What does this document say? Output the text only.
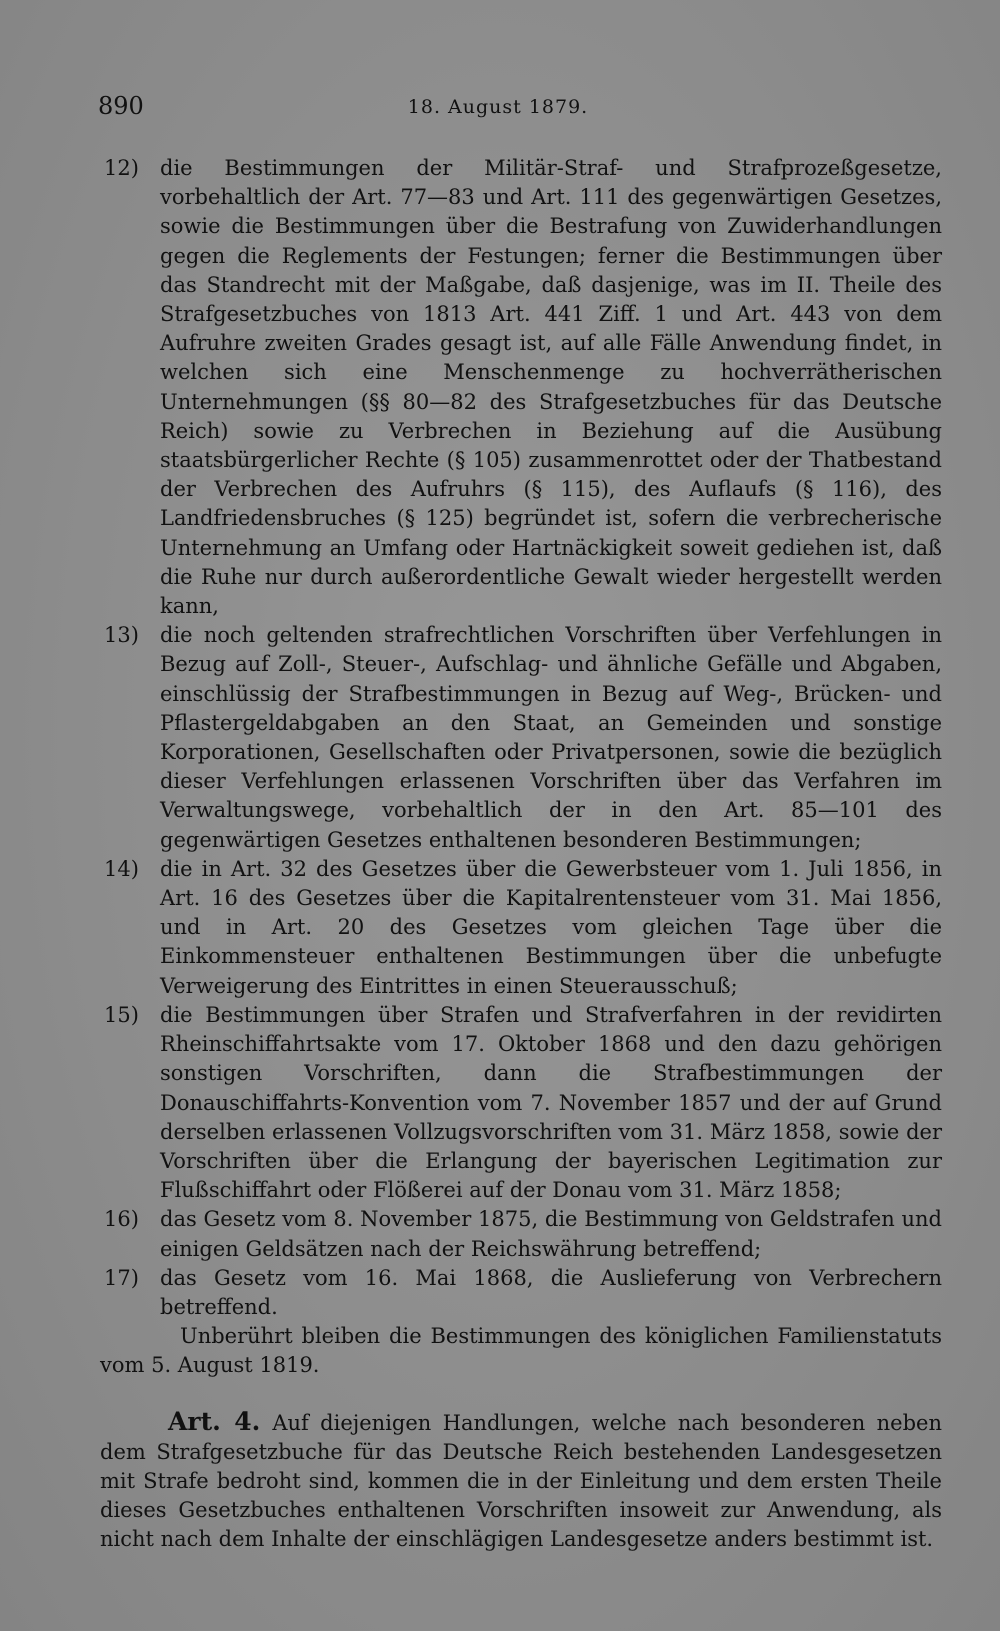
890	18. August 1879.
12) die Bestimmungen der Militär-Straf- und Strafprozeßgesetze, vorbehaltlich der Art. 77—83 und Art. 111 des gegenwärtigen Gesetzes, sowie die Bestimmungen über die Bestrafung von Zuwiderhandlungen gegen die Reglements der Festungen; ferner die Bestimmungen über das Standrecht mit der Maßgabe, daß dasjenige, was im II. Theile des Strafgesetzbuches von 1813 Art. 441 Ziff. 1 und Art. 443 von dem Aufruhre zweiten Grades gesagt ist, auf alle Fälle Anwendung findet, in welchen sich eine Menschenmenge zu hochverrätherischen Unternehmungen (§§ 80—82 des Strafgesetzbuches für das Deutsche Reich) sowie zu Verbrechen in Beziehung auf die Ausübung staatsbürgerlicher Rechte (§ 105) zusammenrottet oder der Thatbestand der Verbrechen des Aufruhrs (§ 115), des Auflaufs (§ 116), des Landfriedensbruches (§ 125) begründet ist, sofern die verbrecherische Unternehmung an Umfang oder Hartnäckigkeit soweit gediehen ist, daß die Ruhe nur durch außerordentliche Gewalt wieder hergestellt werden kann,
13) die noch geltenden strafrechtlichen Vorschriften über Verfehlungen in Bezug auf Zoll-, Steuer-, Aufschlag- und ähnliche Gefälle und Abgaben, einschlüssig der Strafbestimmungen in Bezug auf Weg-, Brücken- und Pflastergeldabgaben an den Staat, an Gemeinden und sonstige Korporationen, Gesellschaften oder Privatpersonen, sowie die bezüglich dieser Verfehlungen erlassenen Vorschriften über das Verfahren im Verwaltungswege, vorbehaltlich der in den Art. 85—101 des gegenwärtigen Gesetzes enthaltenen besonderen Bestimmungen;
14) die in Art. 32 des Gesetzes über die Gewerbsteuer vom 1. Juli 1856, in Art. 16 des Gesetzes über die Kapitalrentensteuer vom 31. Mai 1856, und in Art. 20 des Gesetzes vom gleichen Tage über die Einkommensteuer enthaltenen Bestimmungen über die unbefugte Verweigerung des Eintrittes in einen Steuerausschuß;
15) die Bestimmungen über Strafen und Strafverfahren in der revidirten Rheinschiffahrtsakte vom 17. Oktober 1868 und den dazu gehörigen sonstigen Vorschriften, dann die Strafbestimmungen der Donauschiffahrts-Konvention vom 7. November 1857 und der auf Grund derselben erlassenen Vollzugsvorschriften vom 31. März 1858, sowie der Vorschriften über die Erlangung der bayerischen Legitimation zur Flußschiffahrt oder Flößerei auf der Donau vom 31. März 1858;
16) das Gesetz vom 8. November 1875, die Bestimmung von Geldstrafen und einigen Geldsätzen nach der Reichswährung betreffend;
17) das Gesetz vom 16. Mai 1868, die Auslieferung von Verbrechern betreffend.

Unberührt bleiben die Bestimmungen des königlichen Familienstatuts vom 5. August 1819.

Art. 4. Auf diejenigen Handlungen, welche nach besonderen neben dem Strafgesetzbuche für das Deutsche Reich bestehenden Landesgesetzen mit Strafe bedroht sind, kommen die in der Einleitung und dem ersten Theile dieses Gesetzbuches enthaltenen Vorschriften insoweit zur Anwendung, als nicht nach dem Inhalte der einschlägigen Landesgesetze anders bestimmt ist.
